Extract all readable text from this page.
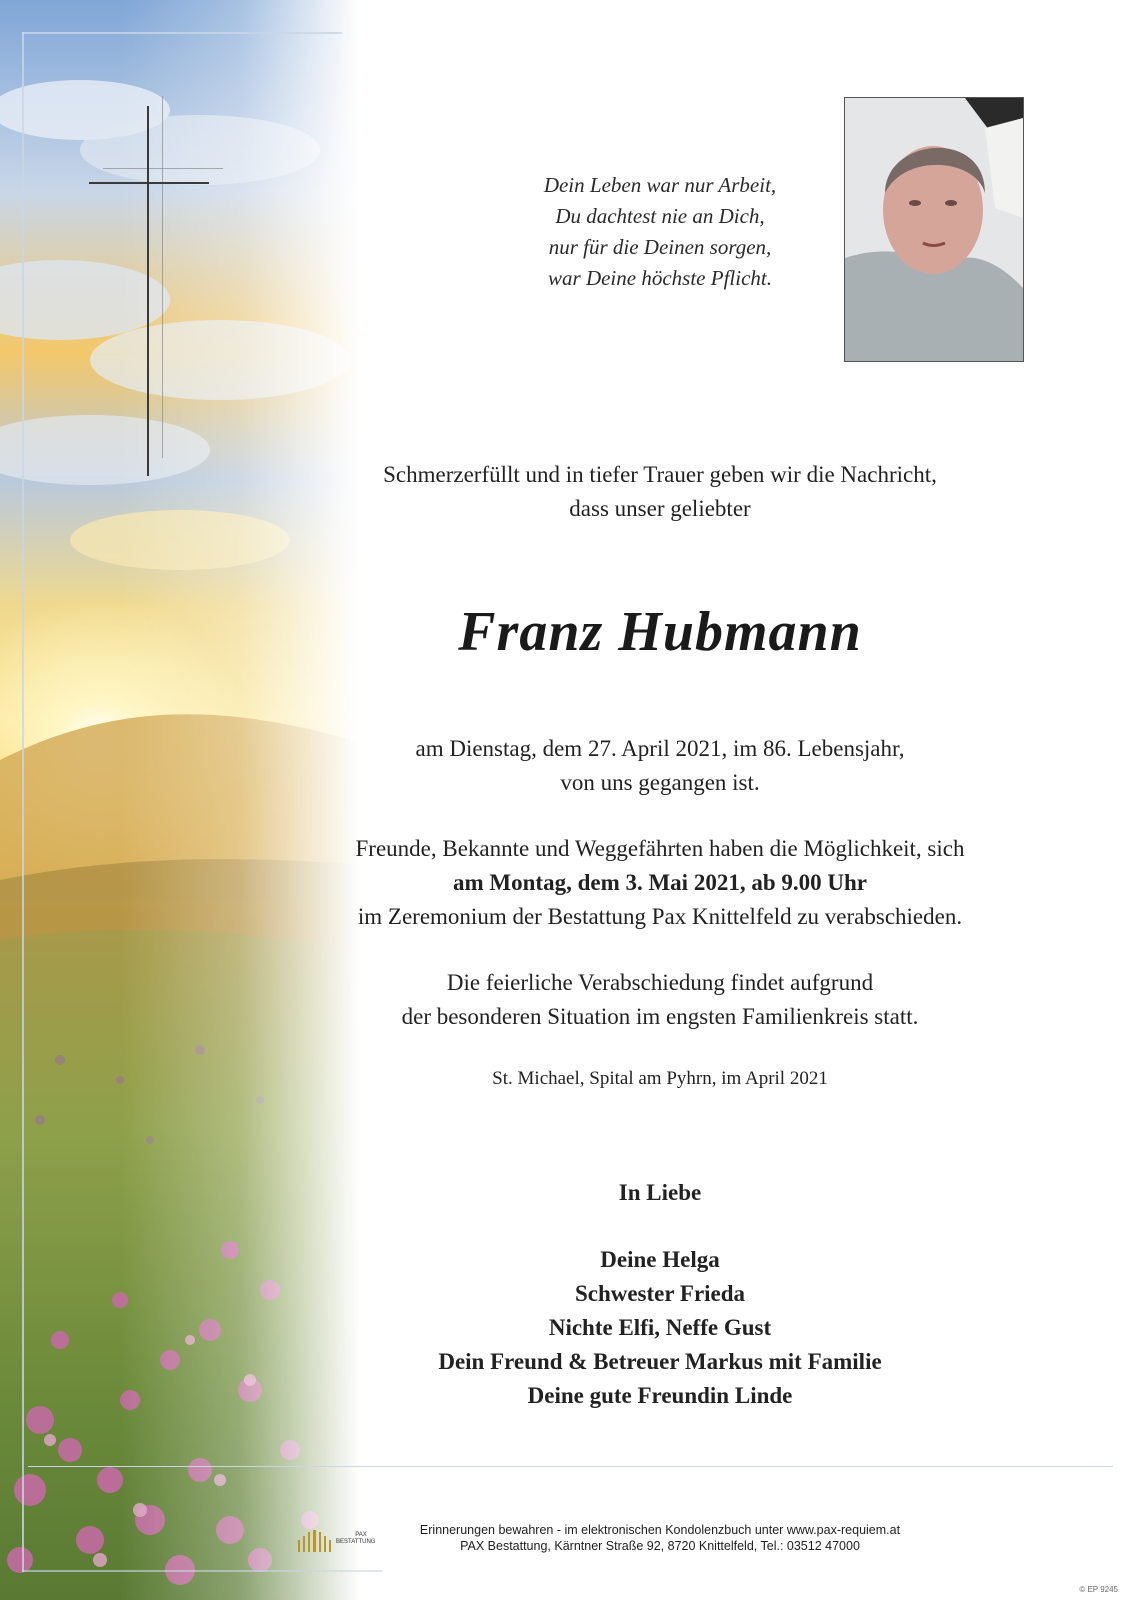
Dein Leben war nur Arbeit,
Du dachtest nie an Dich,
nur für die Deinen sorgen,
war Deine höchste Pflicht.
Schmerzerfüllt und in tiefer Trauer geben wir die Nachricht,
dass unser geliebter
Franz Hubmann
am Dienstag, dem 27. April 2021, im 86. Lebensjahr,
von uns gegangen ist.
Freunde, Bekannte und Weggefährten haben die Möglichkeit, sich
am Montag, dem 3. Mai 2021, ab 9.00 Uhr
im Zeremonium der Bestattung Pax Knittelfeld zu verabschieden.
Die feierliche Verabschiedung findet aufgrund
der besonderen Situation im engsten Familienkreis statt.
St. Michael, Spital am Pyhrn, im April 2021
In Liebe
Deine Helga
Schwester Frieda
Nichte Elfi, Neffe Gust
Dein Freund & Betreuer Markus mit Familie
Deine gute Freundin Linde
PAX
BESTATTUNG
Erinnerungen bewahren - im elektronischen Kondolenzbuch unter www.pax-requiem.at
PAX Bestattung, Kärntner Straße 92, 8720 Knittelfeld, Tel.: 03512 47000
© EP 9245
